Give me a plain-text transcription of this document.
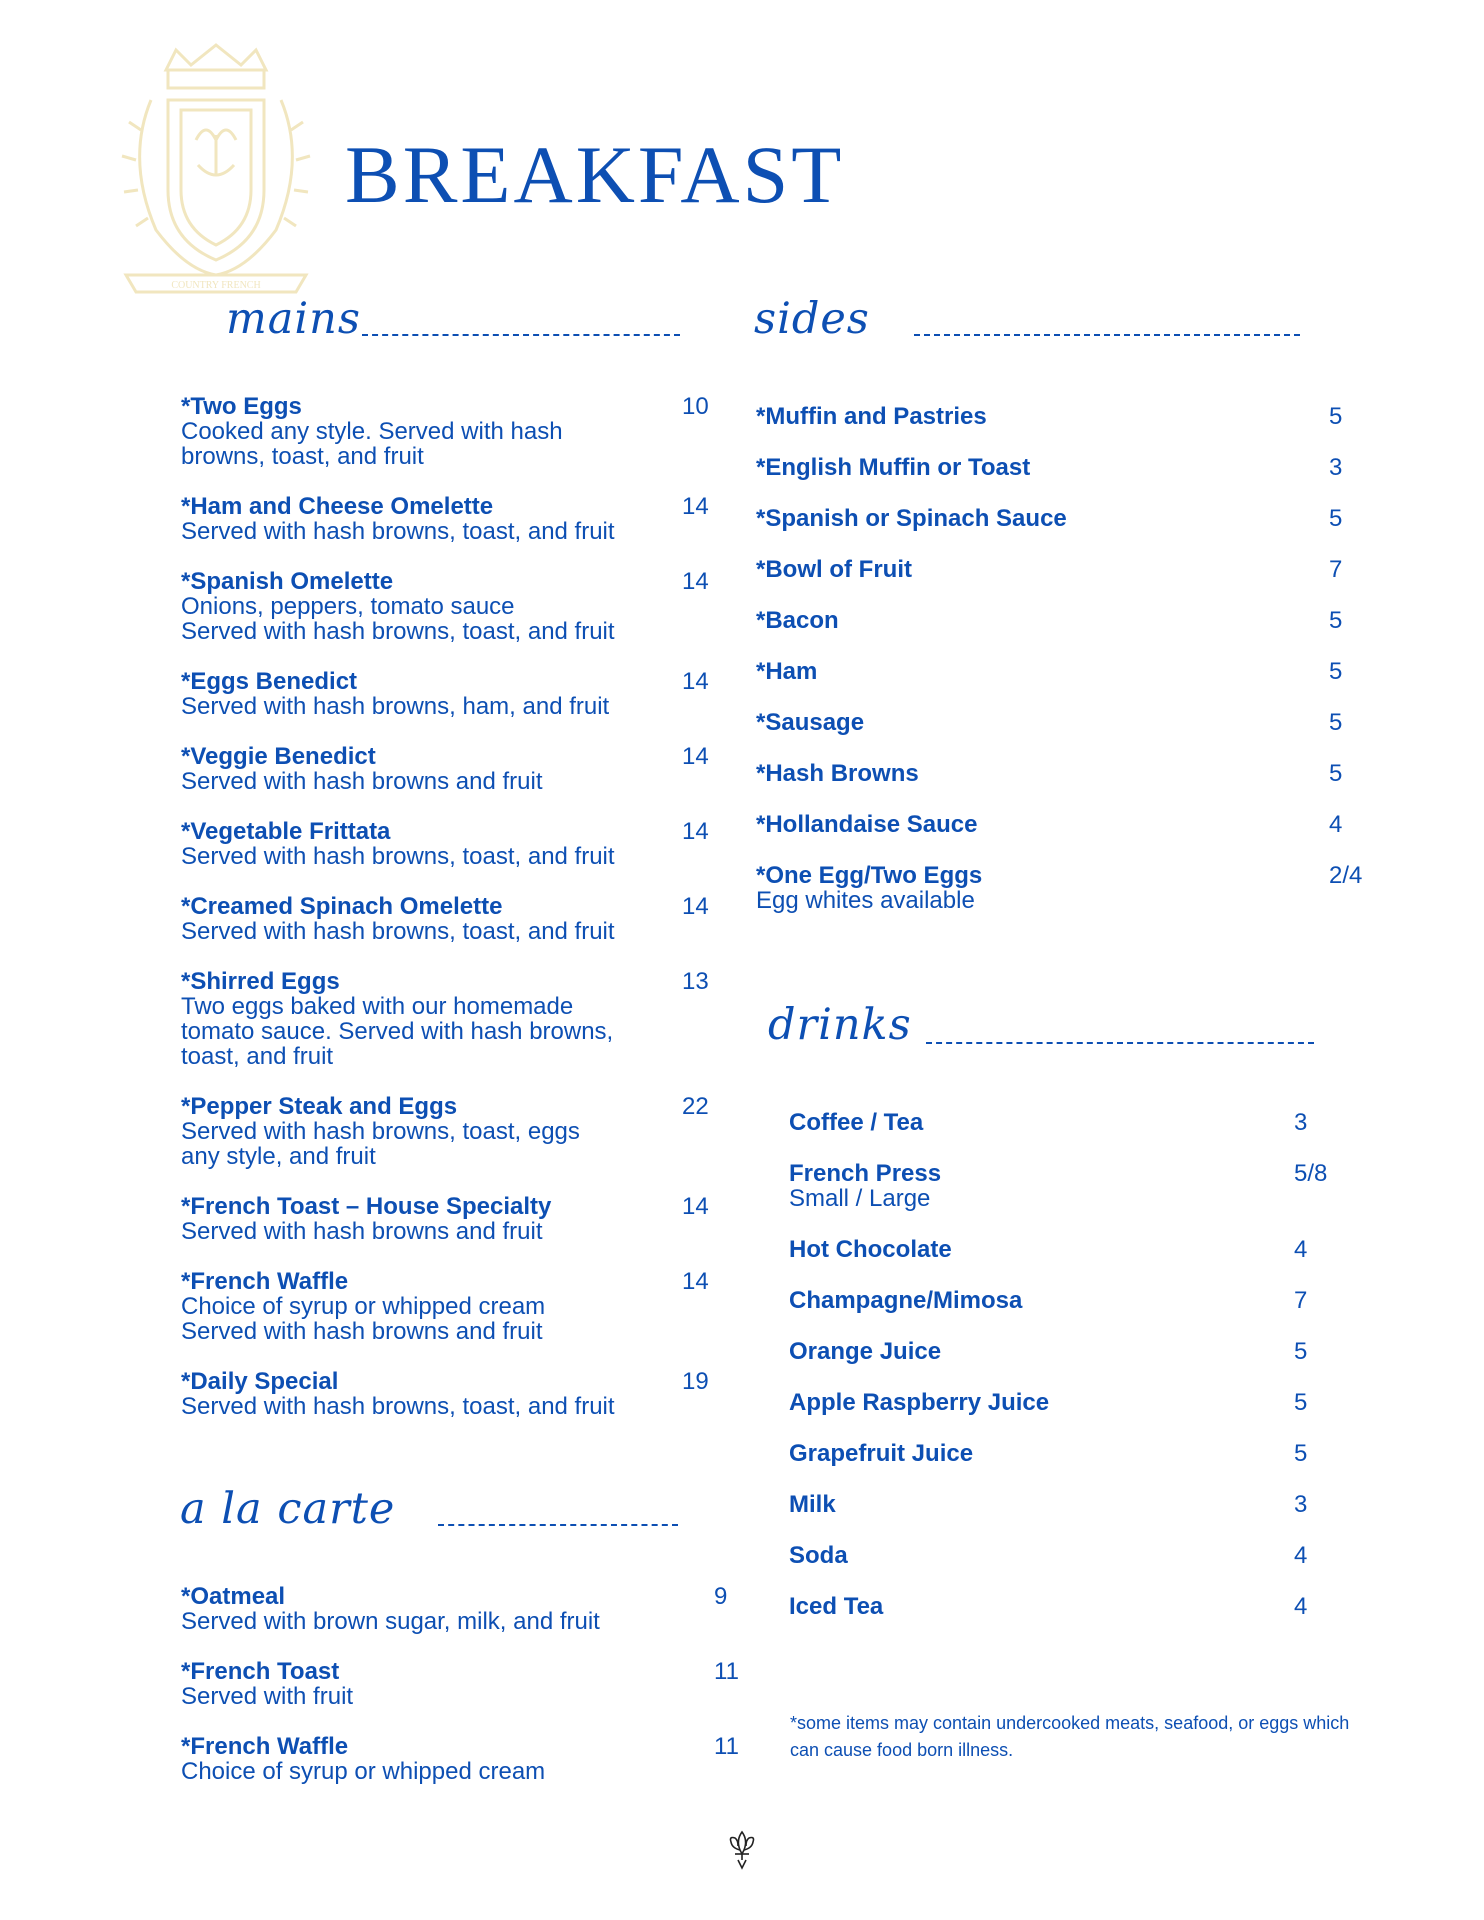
COUNTRY FRENCH
BREAKFAST
mains	sides
drinks
a la carte
*Two Eggs	10
Cooked any style. Served with hash
browns, toast, and fruit
*Ham and Cheese Omelette	14
Served with hash browns, toast, and fruit
*Spanish Omelette	14
Onions, peppers, tomato sauce
Served with hash browns, toast, and fruit
*Eggs Benedict	14
Served with hash browns, ham, and fruit
*Veggie Benedict	14
Served with hash browns and fruit
*Vegetable Frittata	14
Served with hash browns, toast, and fruit
*Creamed Spinach Omelette	14
Served with hash browns, toast, and fruit
*Shirred Eggs	13
Two eggs baked with our homemade
tomato sauce. Served with hash browns,
toast, and fruit
*Pepper Steak and Eggs	22
Served with hash browns, toast, eggs
any style, and fruit
*French Toast – House Specialty	14
Served with hash browns and fruit
*French Waffle	14
Choice of syrup or whipped cream
Served with hash browns and fruit
*Daily Special	19
Served with hash browns, toast, and fruit
*Oatmeal	9
Served with brown sugar, milk, and fruit
*French Toast	11
Served with fruit
*French Waffle	11
Choice of syrup or whipped cream
*Muffin and Pastries	5
*English Muffin or Toast	3
*Spanish or Spinach Sauce	5
*Bowl of Fruit	7
*Bacon	5
*Ham	5
*Sausage	5
*Hash Browns	5
*Hollandaise Sauce	4
*One Egg/Two Eggs	2/4
Egg whites available
Coffee / Tea	3
French Press	5/8
Small / Large
Hot Chocolate	4
Champagne/Mimosa	7
Orange Juice	5
Apple Raspberry Juice	5
Grapefruit Juice	5
Milk	3
Soda	4
Iced Tea	4
*some items may contain undercooked meats, seafood, or eggs which can cause food born illness.
